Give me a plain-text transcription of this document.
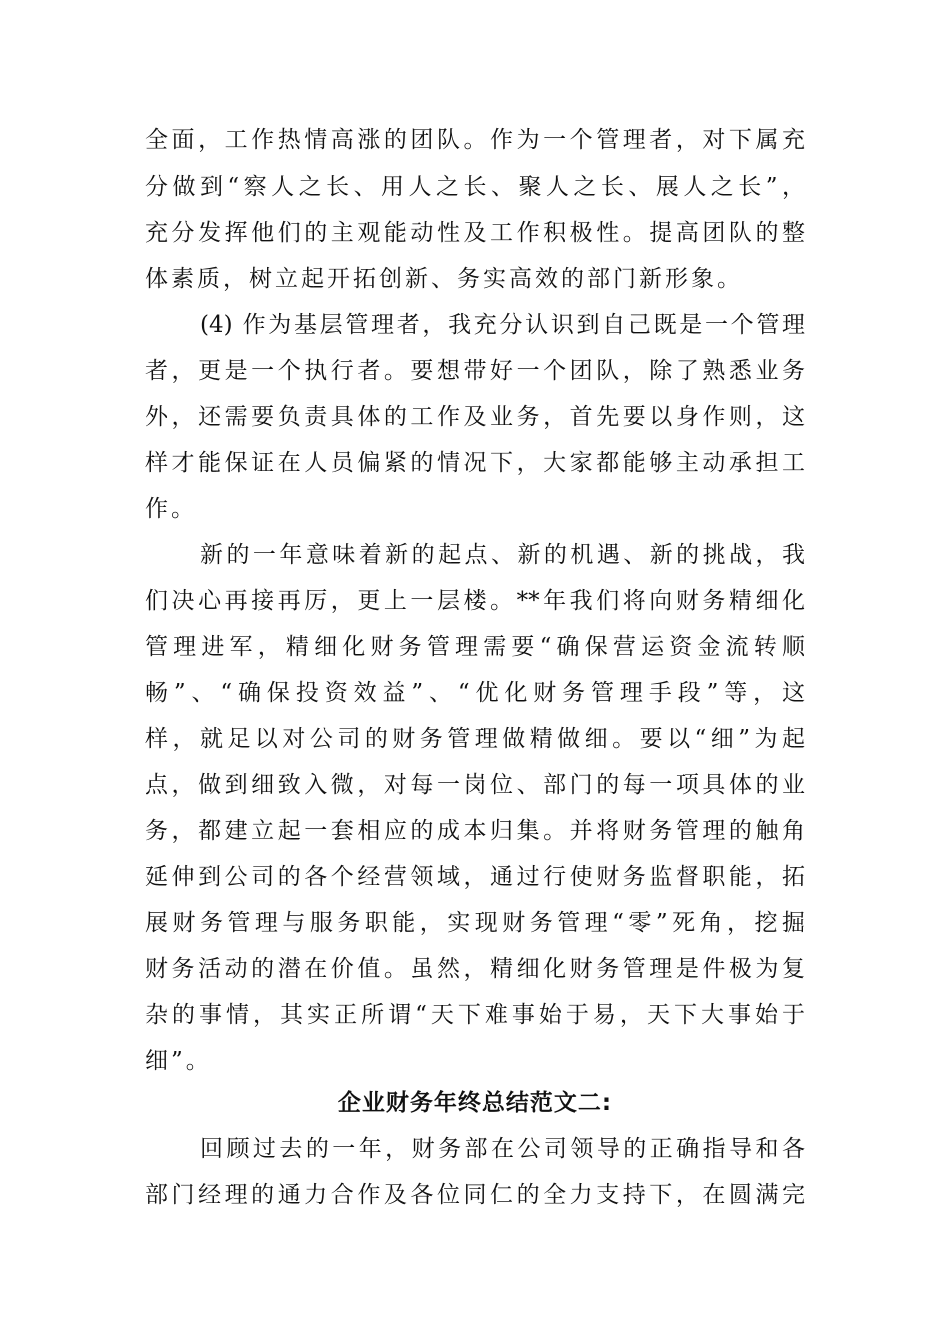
全面，工作热情高涨的团队。作为一个管理者，对下属充
分做到“察人之长、用人之长、聚人之长、展人之长”，
充分发挥他们的主观能动性及工作积极性。提高团队的整
体素质，树立起开拓创新、务实高效的部门新形象。
(4) 作为基层管理者，我充分认识到自己既是一个管理
者，更是一个执行者。要想带好一个团队，除了熟悉业务
外，还需要负责具体的工作及业务，首先要以身作则，这
样才能保证在人员偏紧的情况下，大家都能够主动承担工
作。
新的一年意味着新的起点、新的机遇、新的挑战，我
们决心再接再厉，更上一层楼。**年我们将向财务精细化
管理进军，精细化财务管理需要“确保营运资金流转顺
畅”、“确保投资效益”、“优化财务管理手段”等，这
样，就足以对公司的财务管理做精做细。要以“细”为起
点，做到细致入微，对每一岗位、部门的每一项具体的业
务，都建立起一套相应的成本归集。并将财务管理的触角
延伸到公司的各个经营领域，通过行使财务监督职能，拓
展财务管理与服务职能，实现财务管理“零”死角，挖掘
财务活动的潜在价值。虽然，精细化财务管理是件极为复
杂的事情，其实正所谓“天下难事始于易，天下大事始于
细”。
企业财务年终总结范文二:
回顾过去的一年，财务部在公司领导的正确指导和各
部门经理的通力合作及各位同仁的全力支持下，在圆满完
